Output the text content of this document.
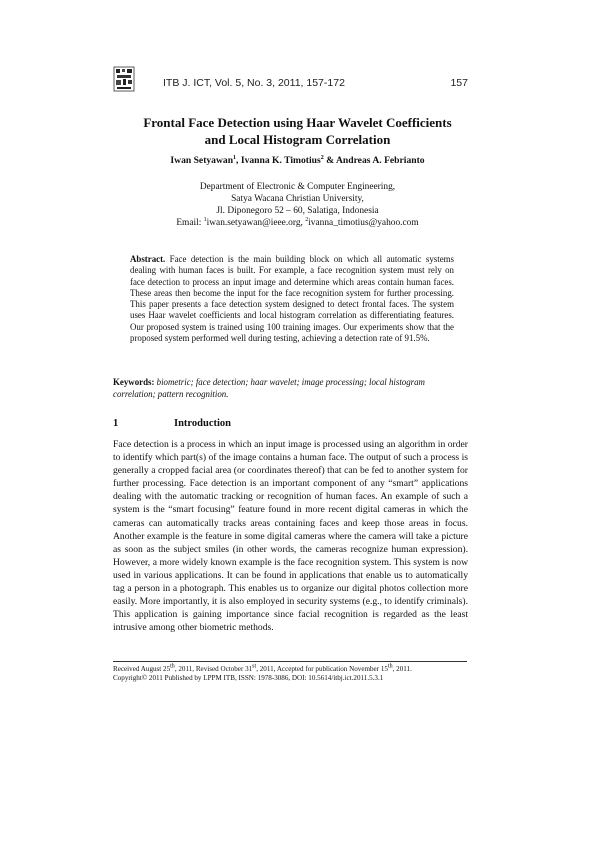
ITB J. ICT, Vol. 5, No. 3, 2011, 157-172	157
Frontal Face Detection using Haar Wavelet Coefficients
and Local Histogram Correlation
Iwan Setyawan$^1$, Ivanna K. Timotius$^2$ & Andreas A. Febrianto
Department of Electronic & Computer Engineering,
Satya Wacana Christian University,
Jl. Diponegoro 52 – 60, Salatiga, Indonesia
Email: $^1$iwan.setyawan@ieee.org, $^2$ivanna_timotius@yahoo.com
Abstract. Face detection is the main building block on which all automatic systems dealing with human faces is built. For example, a face recognition system must rely on face detection to process an input image and determine which areas contain human faces. These areas then become the input for the face recognition system for further processing. This paper presents a face detection system designed to detect frontal faces. The system uses Haar wavelet coefficients and local histogram correlation as differentiating features. Our proposed system is trained using 100 training images. Our experiments show that the proposed system performed well during testing, achieving a detection rate of 91.5%.
Keywords: biometric; face detection; haar wavelet; image processing; local histogram correlation; pattern recognition.
1	Introduction
Face detection is a process in which an input image is processed using an algorithm in order to identify which part(s) of the image contains a human face. The output of such a process is generally a cropped facial area (or coordinates thereof) that can be fed to another system for further processing. Face detection is an important component of any “smart” applications dealing with the automatic tracking or recognition of human faces. An example of such a system is the “smart focusing” feature found in more recent digital cameras in which the cameras can automatically tracks areas containing faces and keep those areas in focus. Another example is the feature in some digital cameras where the camera will take a picture as soon as the subject smiles (in other words, the cameras recognize human expression). However, a more widely known example is the face recognition system. This system is now used in various applications. It can be found in applications that enable us to automatically tag a person in a photograph. This enables us to organize our digital photos collection more easily. More importantly, it is also employed in security systems (e.g., to identify criminals). This application is gaining importance since facial recognition is regarded as the least intrusive among other biometric methods.
Received August 25th, 2011, Revised October 31st, 2011, Accepted for publication November 15th, 2011.
Copyright© 2011 Published by LPPM ITB, ISSN: 1978-3086, DOI: 10.5614/itbj.ict.2011.5.3.1
